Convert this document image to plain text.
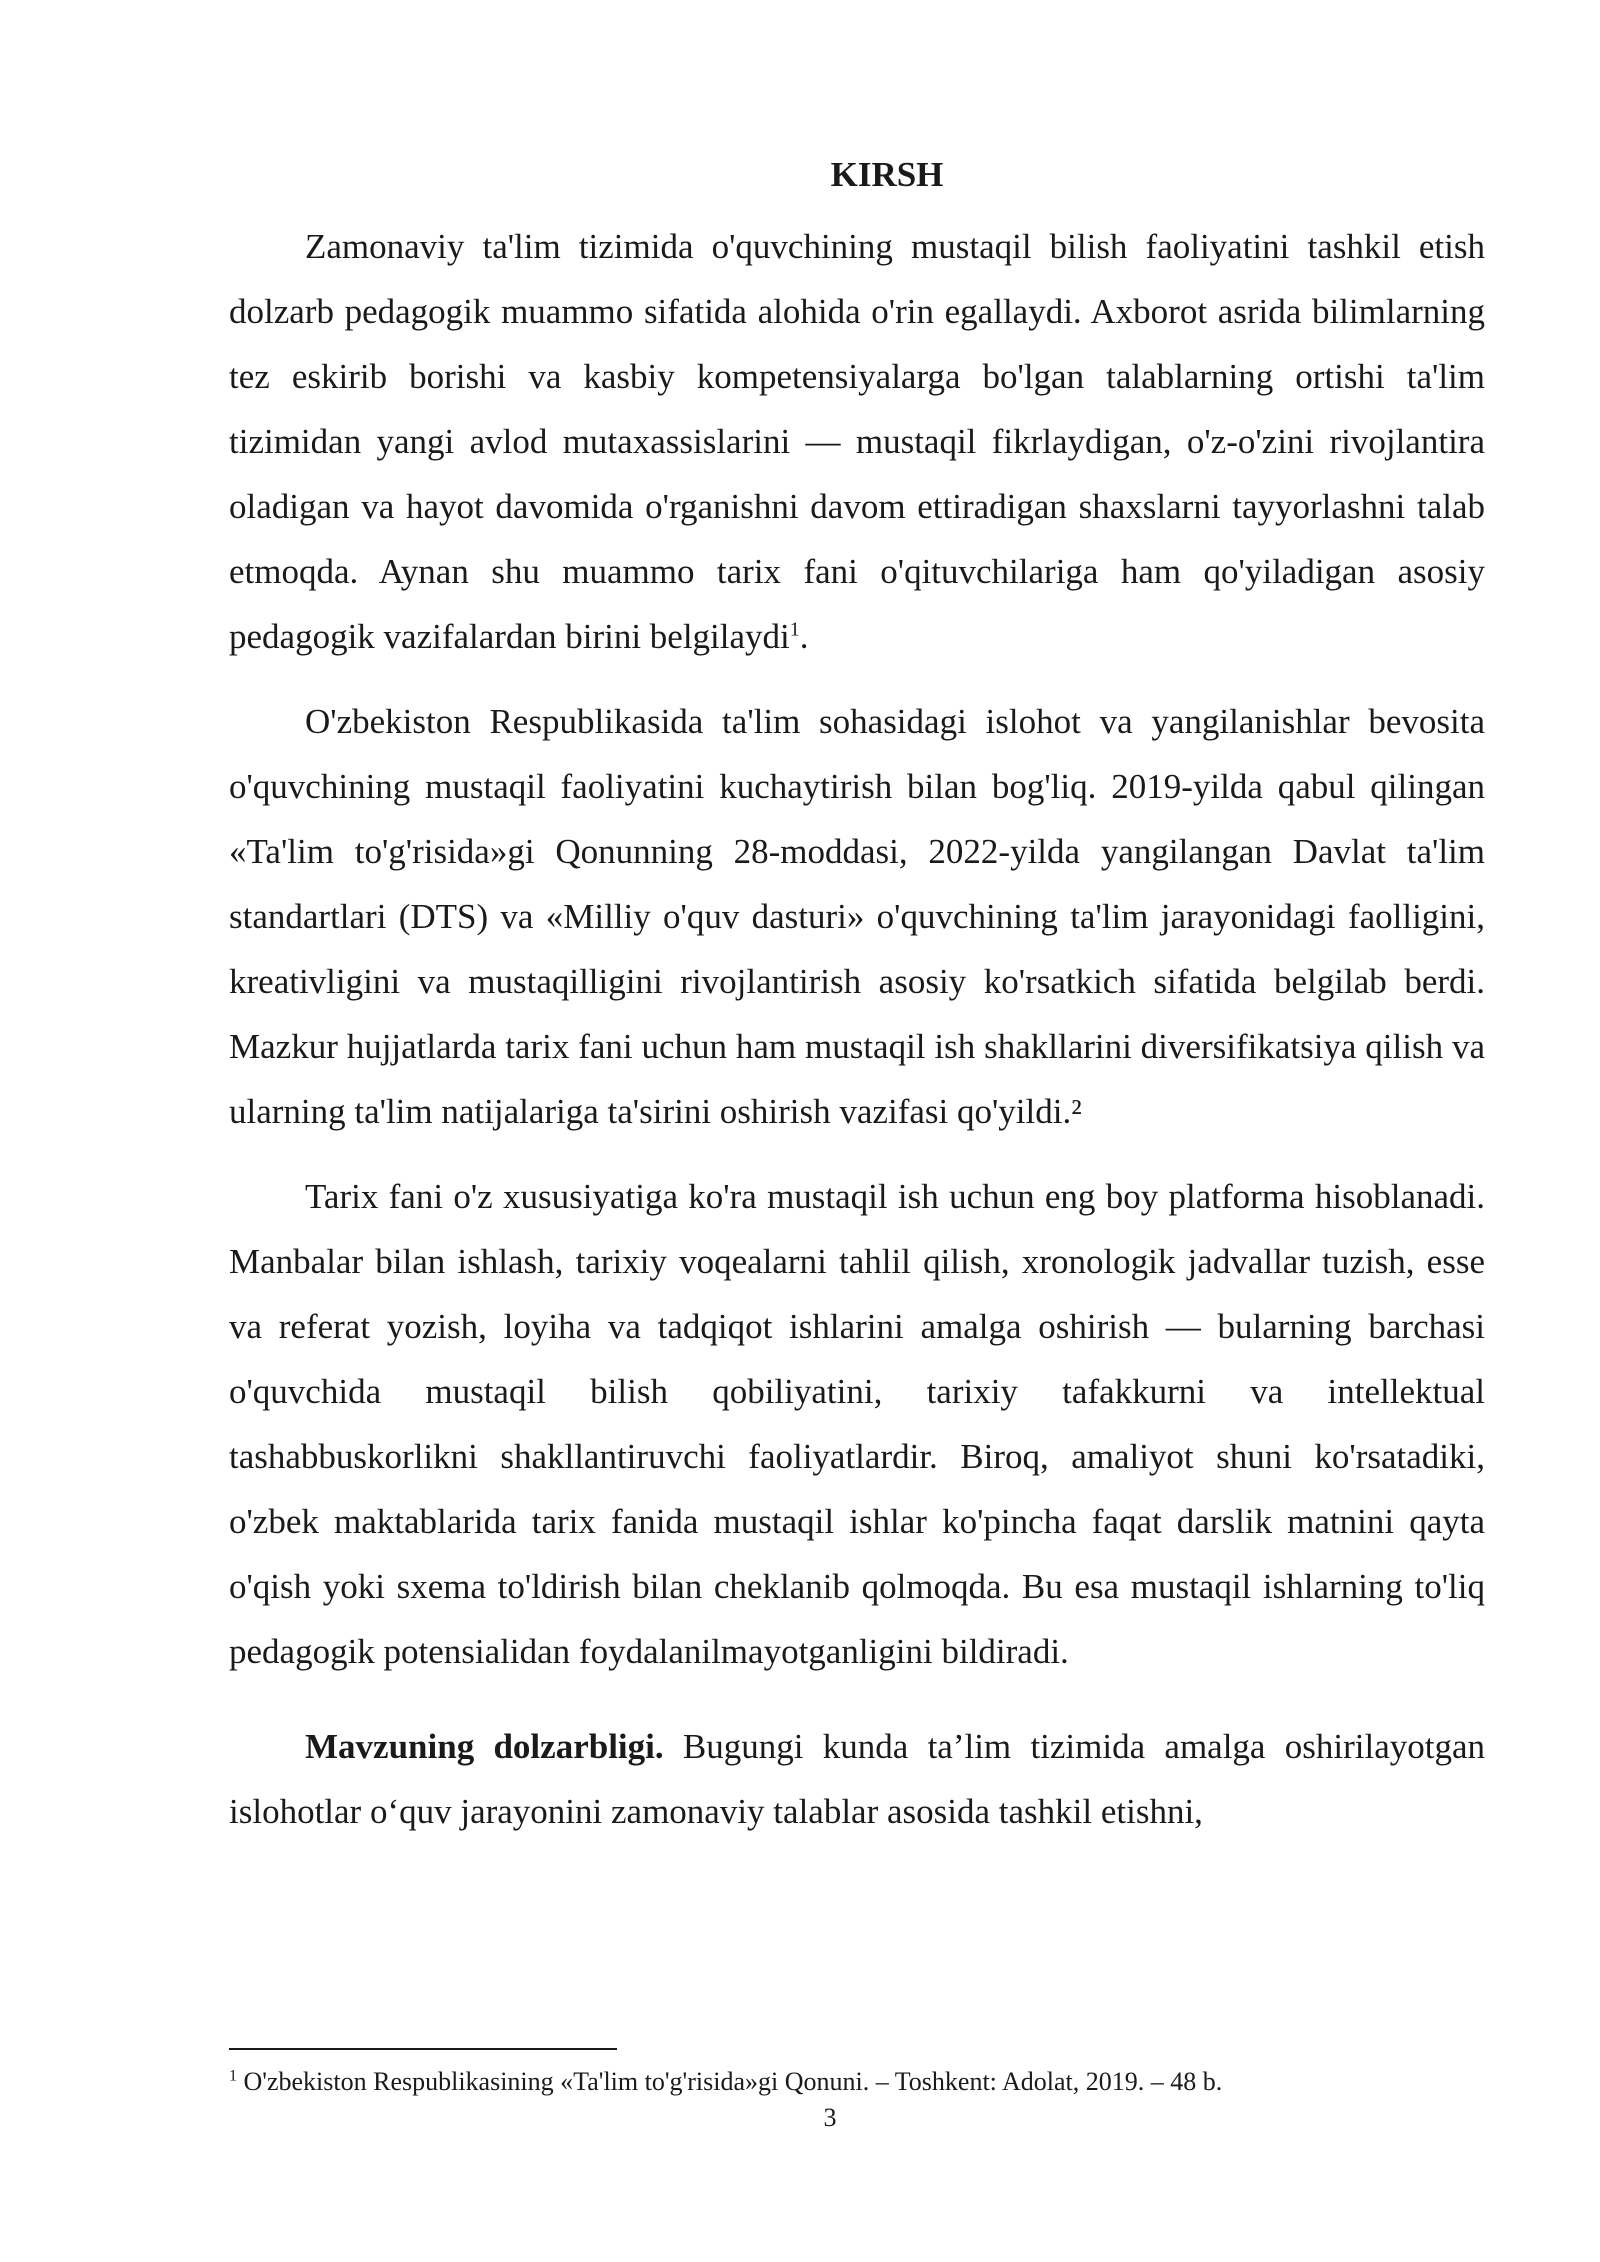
KIRSH

Zamonaviy ta'lim tizimida o'quvchining mustaqil bilish faoliyatini tashkil etish dolzarb pedagogik muammo sifatida alohida o'rin egallaydi. Axborot asrida bilimlarning tez eskirib borishi va kasbiy kompetensiyalarga bo'lgan talablarning ortishi ta'lim tizimidan yangi avlod mutaxassislarini — mustaqil fikrlaydigan, o'z-o'zini rivojlantira oladigan va hayot davomida o'rganishni davom ettiradigan shaxslarni tayyorlashni talab etmoqda. Aynan shu muammo tarix fani o'qituvchilariga ham qo'yiladigan asosiy pedagogik vazifalardan birini belgilaydi$^1$.

O'zbekiston Respublikasida ta'lim sohasidagi islohot va yangilanishlar bevosita o'quvchining mustaqil faoliyatini kuchaytirish bilan bog'liq. 2019-yilda qabul qilingan «Ta'lim to'g'risida»gi Qonunning 28-moddasi, 2022-yilda yangilangan Davlat ta'lim standartlari (DTS) va «Milliy o'quv dasturi» o'quvchining ta'lim jarayonidagi faolligini, kreativligini va mustaqilligini rivojlantirish asosiy ko'rsatkich sifatida belgilab berdi. Mazkur hujjatlarda tarix fani uchun ham mustaqil ish shakllarini diversifikatsiya qilish va ularning ta'lim natijalariga ta'sirini oshirish vazifasi qo'yildi.²

Tarix fani o'z xususiyatiga ko'ra mustaqil ish uchun eng boy platforma hisoblanadi. Manbalar bilan ishlash, tarixiy voqealarni tahlil qilish, xronologik jadvallar tuzish, esse va referat yozish, loyiha va tadqiqot ishlarini amalga oshirish — bularning barchasi o'quvchida mustaqil bilish qobiliyatini, tarixiy tafakkurni va intellektual tashabbuskorlikni shakllantiruvchi faoliyatlardir. Biroq, amaliyot shuni ko'rsatadiki, o'zbek maktablarida tarix fanida mustaqil ishlar ko'pincha faqat darslik matnini qayta o'qish yoki sxema to'ldirish bilan cheklanib qolmoqda. Bu esa mustaqil ishlarning to'liq pedagogik potensialidan foydalanilmayotganligini bildiradi.

Mavzuning dolzarbligi. Bugungi kunda ta’lim tizimida amalga oshirilayotgan islohotlar o‘quv jarayonini zamonaviy talablar asosida tashkil etishni,

$^1$ O'zbekiston Respublikasining «Ta'lim to'g'risida»gi Qonuni. – Toshkent: Adolat, 2019. – 48 b.
3
